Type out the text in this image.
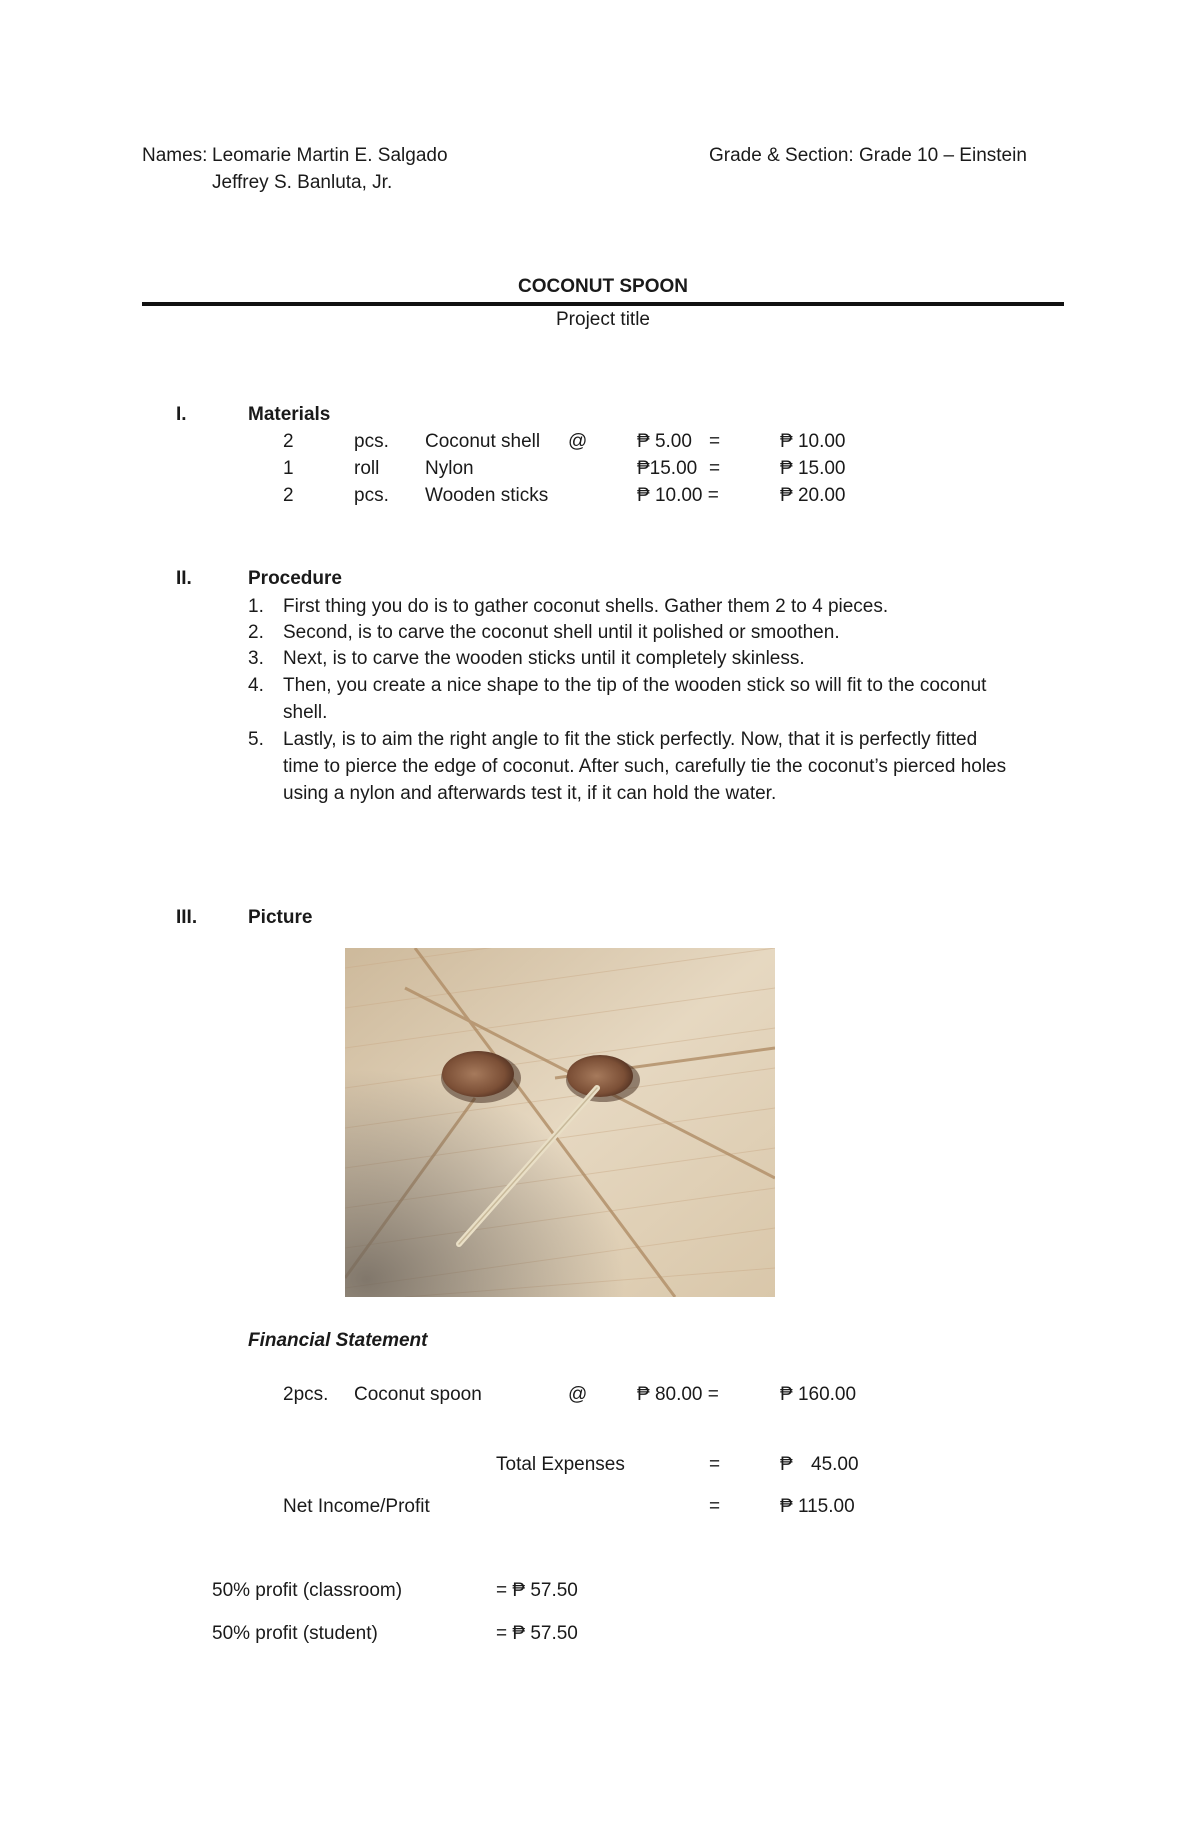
Names: Leomarie Martin E. Salgado
Jeffrey S. Banluta, Jr.
Grade & Section: Grade 10 – Einstein
COCONUT SPOON
Project title
I.	Materials
2	pcs. Coconut shell @	₱ 5.00 =	₱ 10.00
1	roll Nylon	₱15.00 =	₱ 15.00
2	pcs. Wooden sticks	₱ 10.00 =	₱ 20.00
II.	Procedure
1. First thing you do is to gather coconut shells. Gather them 2 to 4 pieces.
2. Second, is to carve the coconut shell until it polished or smoothen.
3. Next, is to carve the wooden sticks until it completely skinless.
4. Then, you create a nice shape to the tip of the wooden stick so will fit to the coconut
shell.
5. Lastly, is to aim the right angle to fit the stick perfectly. Now, that it is perfectly fitted
time to pierce the edge of coconut. After such, carefully tie the coconut’s pierced holes
using a nylon and afterwards test it, if it can hold the water.
III.	Picture
Financial Statement
2pcs. Coconut spoon	@	₱ 80.00 =	₱ 160.00
Total Expenses	=	₱ 45.00
Net Income/Profit	=	₱ 115.00
50% profit (classroom)	= ₱ 57.50
50% profit (student)	= ₱ 57.50
